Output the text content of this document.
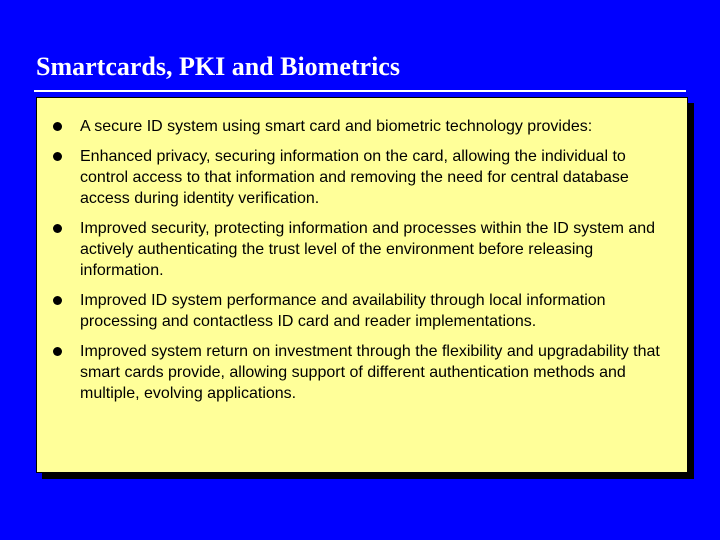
Smartcards, PKI and Biometrics
A secure ID system using smart card and biometric technology provides:
Enhanced privacy, securing information on the card, allowing the individual to control access to that information and removing the need for central database access during identity verification.
Improved security, protecting information and processes within the ID system and actively authenticating the trust level of the environment before releasing information.
Improved ID system performance and availability through local information processing and contactless ID card and reader implementations.
Improved system return on investment through the flexibility and upgradability that smart cards provide, allowing support of different authentication methods and multiple, evolving applications.
